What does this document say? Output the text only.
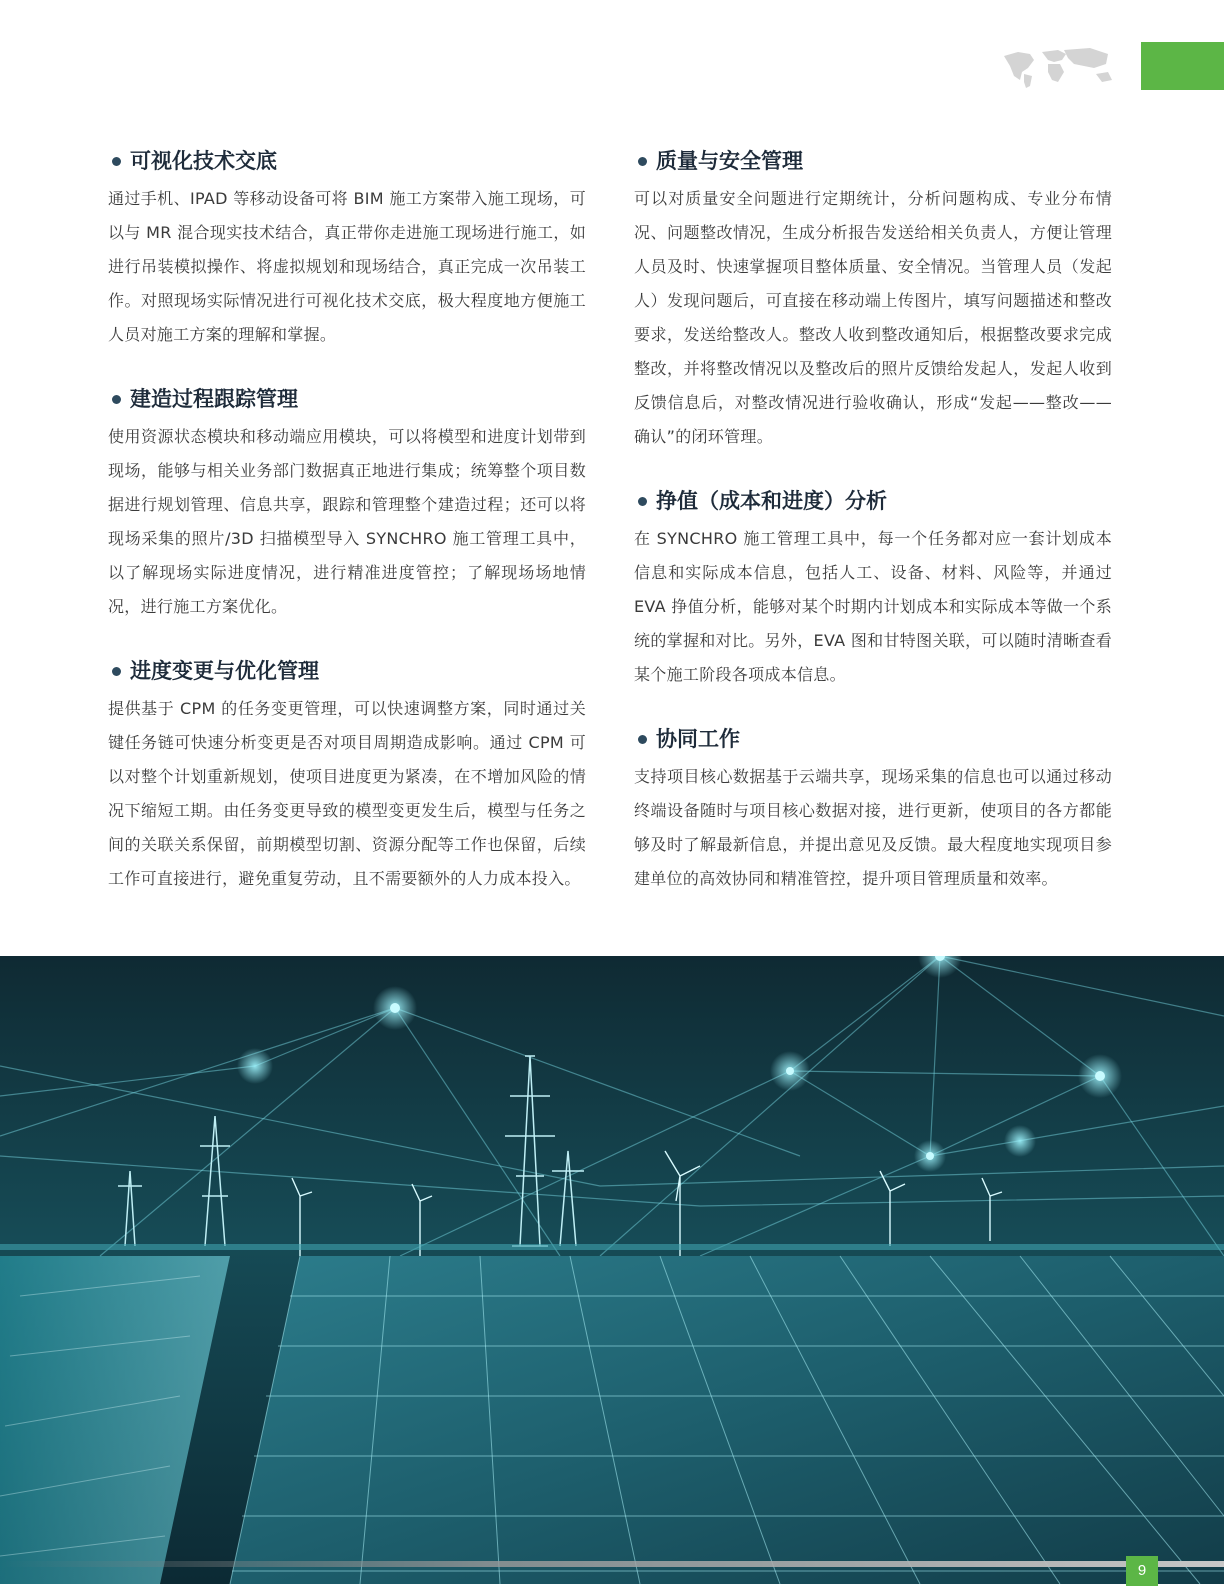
可视化技术交底

通过手机、IPAD 等移动设备可将 BIM 施工方案带入施工现场，可以与 MR 混合现实技术结合，真正带你走进施工现场进行施工，如进行吊装模拟操作、将虚拟规划和现场结合，真正完成一次吊装工作。对照现场实际情况进行可视化技术交底，极大程度地方便施工人员对施工方案的理解和掌握。

建造过程跟踪管理

使用资源状态模块和移动端应用模块，可以将模型和进度计划带到现场，能够与相关业务部门数据真正地进行集成；统筹整个项目数据进行规划管理、信息共享，跟踪和管理整个建造过程；还可以将现场采集的照片/3D 扫描模型导入 SYNCHRO 施工管理工具中，以了解现场实际进度情况，进行精准进度管控；了解现场场地情况，进行施工方案优化。

进度变更与优化管理

提供基于 CPM 的任务变更管理，可以快速调整方案，同时通过关键任务链可快速分析变更是否对项目周期造成影响。通过 CPM 可以对整个计划重新规划，使项目进度更为紧凑，在不增加风险的情况下缩短工期。由任务变更导致的模型变更发生后，模型与任务之间的关联关系保留，前期模型切割、资源分配等工作也保留，后续工作可直接进行，避免重复劳动，且不需要额外的人力成本投入。

质量与安全管理

可以对质量安全问题进行定期统计，分析问题构成、专业分布情况、问题整改情况，生成分析报告发送给相关负责人，方便让管理人员及时、快速掌握项目整体质量、安全情况。当管理人员（发起人）发现问题后，可直接在移动端上传图片，填写问题描述和整改要求，发送给整改人。整改人收到整改通知后，根据整改要求完成整改，并将整改情况以及整改后的照片反馈给发起人，发起人收到反馈信息后，对整改情况进行验收确认，形成“发起——整改——确认”的闭环管理。

挣值（成本和进度）分析

在 SYNCHRO 施工管理工具中，每一个任务都对应一套计划成本信息和实际成本信息，包括人工、设备、材料、风险等，并通过 EVA 挣值分析，能够对某个时期内计划成本和实际成本等做一个系统的掌握和对比。另外，EVA 图和甘特图关联，可以随时清晰查看某个施工阶段各项成本信息。

协同工作

支持项目核心数据基于云端共享，现场采集的信息也可以通过移动终端设备随时与项目核心数据对接，进行更新，使项目的各方都能够及时了解最新信息，并提出意见及反馈。最大程度地实现项目参建单位的高效协同和精准管控，提升项目管理质量和效率。

9
